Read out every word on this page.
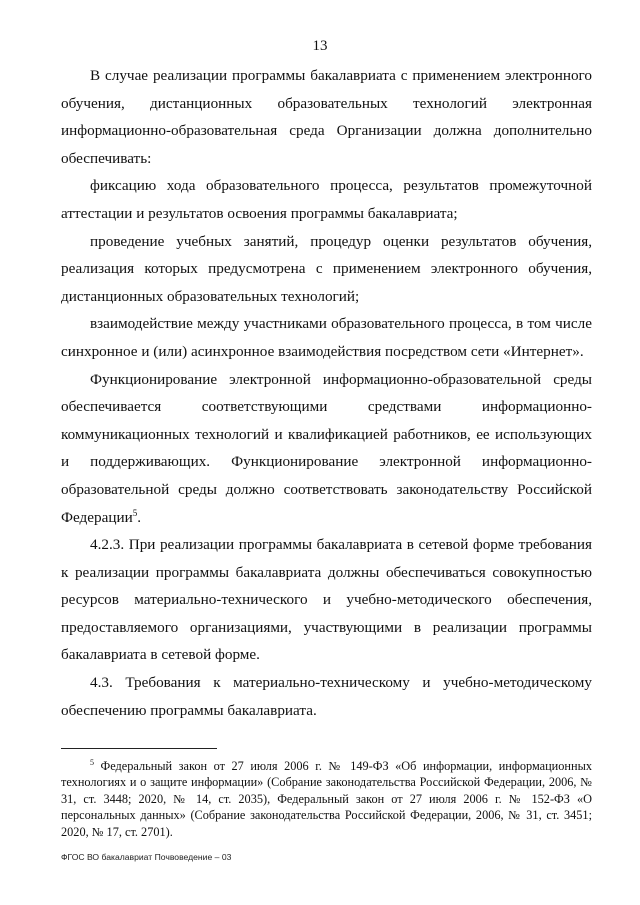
13

В случае реализации программы бакалавриата с применением электронного обучения, дистанционных образовательных технологий электронная информационно-образовательная среда Организации должна дополнительно обеспечивать:

фиксацию хода образовательного процесса, результатов промежуточной аттестации и результатов освоения программы бакалавриата;

проведение учебных занятий, процедур оценки результатов обучения, реализация которых предусмотрена с применением электронного обучения, дистанционных образовательных технологий;

взаимодействие между участниками образовательного процесса, в том числе синхронное и (или) асинхронное взаимодействия посредством сети «Интернет».

Функционирование электронной информационно-образовательной среды обеспечивается соответствующими средствами информационно-коммуникационных технологий и квалификацией работников, ее использующих и поддерживающих. Функционирование электронной информационно-образовательной среды должно соответствовать законодательству Российской Федерации$^5$.

4.2.3. При реализации программы бакалавриата в сетевой форме требования к реализации программы бакалавриата должны обеспечиваться совокупностью ресурсов материально-технического и учебно-методического обеспечения, предоставляемого организациями, участвующими в реализации программы бакалавриата в сетевой форме.

4.3. Требования к материально-техническому и учебно-методическому обеспечению программы бакалавриата.

$^5$ Федеральный закон от 27 июля 2006 г. № 149-ФЗ «Об информации, информационных технологиях и о защите информации» (Собрание законодательства Российской Федерации, 2006, № 31, ст. 3448; 2020, № 14, ст. 2035), Федеральный закон от 27 июля 2006 г. № 152-ФЗ «О персональных данных» (Собрание законодательства Российской Федерации, 2006, № 31, ст. 3451; 2020, № 17, ст. 2701).
ФГОС ВО бакалавриат Почвоведение – 03
